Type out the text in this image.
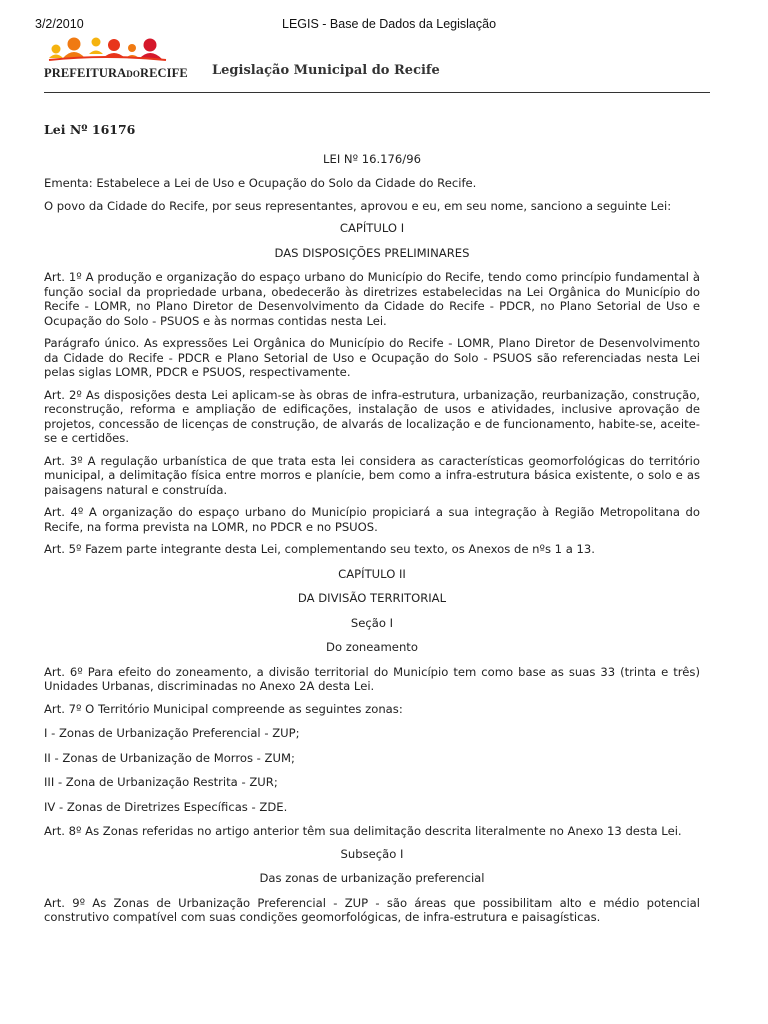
3/2/2010	LEGIS - Base de Dados da Legislação
PREFEITURADORECIFE Legislação Municipal do Recife
Lei Nº 16176

LEI Nº 16.176/96

Ementa: Estabelece a Lei de Uso e Ocupação do Solo da Cidade do Recife.

O povo da Cidade do Recife, por seus representantes, aprovou e eu, em seu nome, sanciono a seguinte Lei:

CAPÍTULO I

DAS DISPOSIÇÕES PRELIMINARES

Art. 1º A produção e organização do espaço urbano do Município do Recife, tendo como princípio fundamental à função social da propriedade urbana, obedecerão às diretrizes estabelecidas na Lei Orgânica do Município do Recife - LOMR, no Plano Diretor de Desenvolvimento da Cidade do Recife - PDCR, no Plano Setorial de Uso e Ocupação do Solo - PSUOS e às normas contidas nesta Lei.

Parágrafo único. As expressões Lei Orgânica do Município do Recife - LOMR, Plano Diretor de Desenvolvimento da Cidade do Recife - PDCR e Plano Setorial de Uso e Ocupação do Solo - PSUOS são referenciadas nesta Lei pelas siglas LOMR, PDCR e PSUOS, respectivamente.

Art. 2º As disposições desta Lei aplicam-se às obras de infra-estrutura, urbanização, reurbanização, construção, reconstrução, reforma e ampliação de edificações, instalação de usos e atividades, inclusive aprovação de projetos, concessão de licenças de construção, de alvarás de localização e de funcionamento, habite-se, aceite-se e certidões.

Art. 3º A regulação urbanística de que trata esta lei considera as características geomorfológicas do território municipal, a delimitação física entre morros e planície, bem como a infra-estrutura básica existente, o solo e as paisagens natural e construída.

Art. 4º A organização do espaço urbano do Município propiciará a sua integração à Região Metropolitana do Recife, na forma prevista na LOMR, no PDCR e no PSUOS.

Art. 5º Fazem parte integrante desta Lei, complementando seu texto, os Anexos de nºs 1 a 13.

CAPÍTULO II

DA DIVISÃO TERRITORIAL

Seção I

Do zoneamento

Art. 6º Para efeito do zoneamento, a divisão territorial do Município tem como base as suas 33 (trinta e três) Unidades Urbanas, discriminadas no Anexo 2A desta Lei.

Art. 7º O Território Municipal compreende as seguintes zonas:

I - Zonas de Urbanização Preferencial - ZUP;

II - Zonas de Urbanização de Morros - ZUM;

III - Zona de Urbanização Restrita - ZUR;

IV - Zonas de Diretrizes Específicas - ZDE.

Art. 8º As Zonas referidas no artigo anterior têm sua delimitação descrita literalmente no Anexo 13 desta Lei.

Subseção I

Das zonas de urbanização preferencial

Art. 9º As Zonas de Urbanização Preferencial - ZUP - são áreas que possibilitam alto e médio potencial construtivo compatível com suas condições geomorfológicas, de infra-estrutura e paisagísticas.
